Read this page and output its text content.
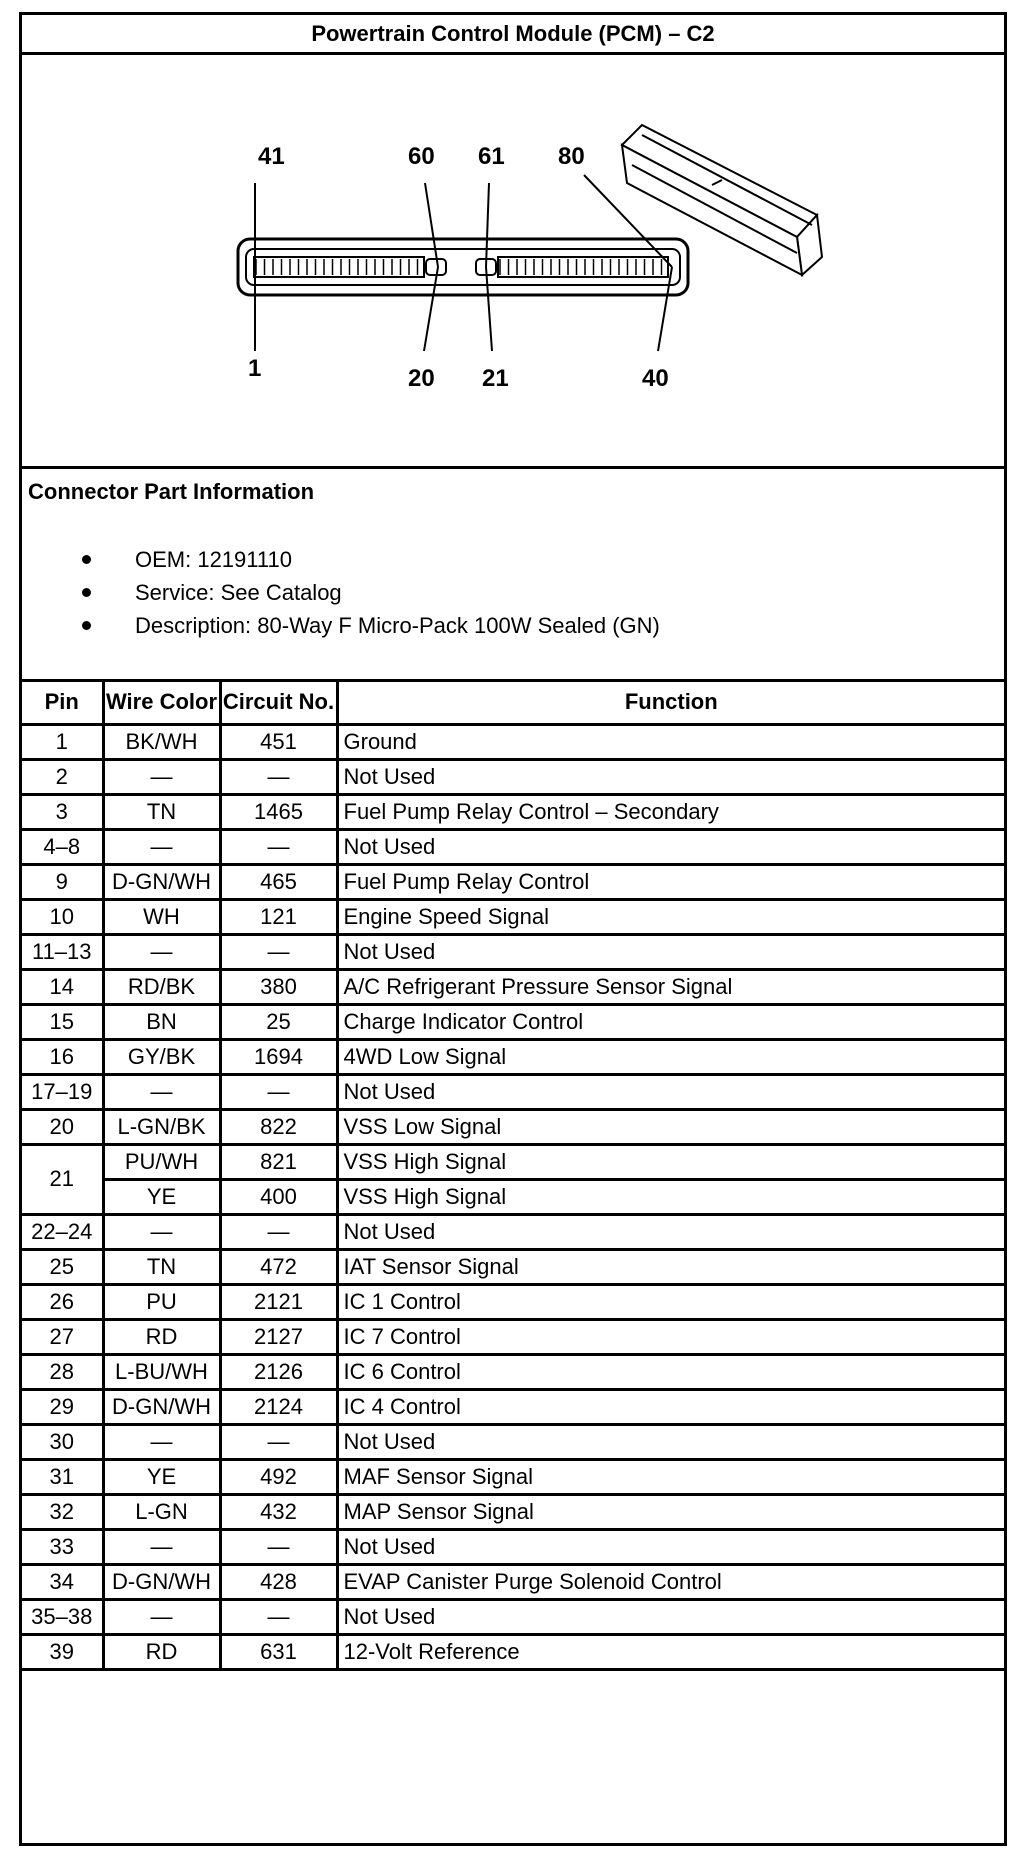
Powertrain Control Module (PCM) – C2
41	60 61 80
1	20 21	40
Connector Part Information
OEM: 12191110
Service: See Catalog
Description: 80-Way F Micro-Pack 100W Sealed (GN)
Pin	Wire Color	Circuit No.	Function
1	BK/WH	451	Ground
2	—	—	Not Used
3	TN	1465	Fuel Pump Relay Control – Secondary
4–8	—	—	Not Used
9	D-GN/WH	465	Fuel Pump Relay Control
10	WH	121	Engine Speed Signal
11–13	—	—	Not Used
14	RD/BK	380	A/C Refrigerant Pressure Sensor Signal
15	BN	25	Charge Indicator Control
16	GY/BK	1694	4WD Low Signal
17–19	—	—	Not Used
20	L-GN/BK	822	VSS Low Signal
21	PU/WH	821	VSS High Signal
	YE	400	VSS High Signal
22–24	—	—	Not Used
25	TN	472	IAT Sensor Signal
26	PU	2121	IC 1 Control
27	RD	2127	IC 7 Control
28	L-BU/WH	2126	IC 6 Control
29	D-GN/WH	2124	IC 4 Control
30	—	—	Not Used
31	YE	492	MAF Sensor Signal
32	L-GN	432	MAP Sensor Signal
33	—	—	Not Used
34	D-GN/WH	428	EVAP Canister Purge Solenoid Control
35–38	—	—	Not Used
39	RD	631	12-Volt Reference
